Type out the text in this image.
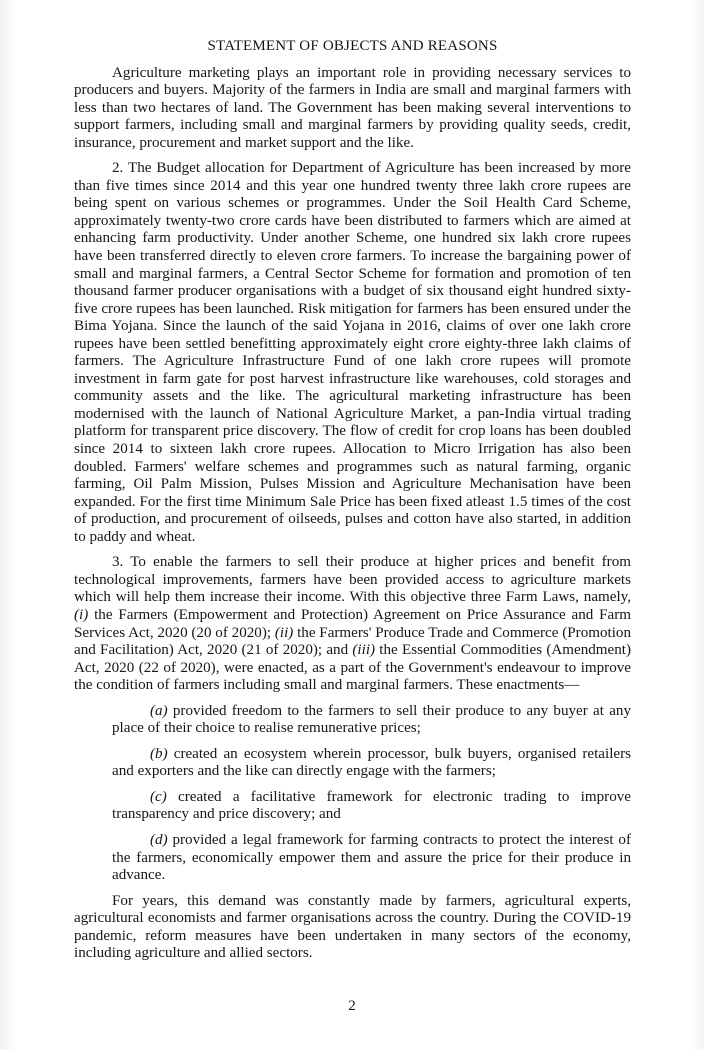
STATEMENT OF OBJECTS AND REASONS

Agriculture marketing plays an important role in providing necessary services to producers and buyers. Majority of the farmers in India are small and marginal farmers with less than two hectares of land. The Government has been making several interventions to support farmers, including small and marginal farmers by providing quality seeds, credit, insurance, procurement and market support and the like.

2. The Budget allocation for Department of Agriculture has been increased by more than five times since 2014 and this year one hundred twenty three lakh crore rupees are being spent on various schemes or programmes. Under the Soil Health Card Scheme, approximately twenty-two crore cards have been distributed to farmers which are aimed at enhancing farm productivity. Under another Scheme, one hundred six lakh crore rupees have been transferred directly to eleven crore farmers. To increase the bargaining power of small and marginal farmers, a Central Sector Scheme for formation and promotion of ten thousand farmer producer organisations with a budget of six thousand eight hundred sixty-five crore rupees has been launched. Risk mitigation for farmers has been ensured under the Bima Yojana. Since the launch of the said Yojana in 2016, claims of over one lakh crore rupees have been settled benefitting approximately eight crore eighty-three lakh claims of farmers. The Agriculture Infrastructure Fund of one lakh crore rupees will promote investment in farm gate for post harvest infrastructure like warehouses, cold storages and community assets and the like. The agricultural marketing infrastructure has been modernised with the launch of National Agriculture Market, a pan-India virtual trading platform for transparent price discovery. The flow of credit for crop loans has been doubled since 2014 to sixteen lakh crore rupees. Allocation to Micro Irrigation has also been doubled. Farmers' welfare schemes and programmes such as natural farming, organic farming, Oil Palm Mission, Pulses Mission and Agriculture Mechanisation have been expanded. For the first time Minimum Sale Price has been fixed atleast 1.5 times of the cost of production, and procurement of oilseeds, pulses and cotton have also started, in addition to paddy and wheat.

3. To enable the farmers to sell their produce at higher prices and benefit from technological improvements, farmers have been provided access to agriculture markets which will help them increase their income. With this objective three Farm Laws, namely, (i) the Farmers (Empowerment and Protection) Agreement on Price Assurance and Farm Services Act, 2020 (20 of 2020); (ii) the Farmers' Produce Trade and Commerce (Promotion and Facilitation) Act, 2020 (21 of 2020); and (iii) the Essential Commodities (Amendment) Act, 2020 (22 of 2020), were enacted, as a part of the Government's endeavour to improve the condition of farmers including small and marginal farmers. These enactments—

(a) provided freedom to the farmers to sell their produce to any buyer at any place of their choice to realise remunerative prices;

(b) created an ecosystem wherein processor, bulk buyers, organised retailers and exporters and the like can directly engage with the farmers;

(c) created a facilitative framework for electronic trading to improve transparency and price discovery; and

(d) provided a legal framework for farming contracts to protect the interest of the farmers, economically empower them and assure the price for their produce in advance.

For years, this demand was constantly made by farmers, agricultural experts, agricultural economists and farmer organisations across the country. During the COVID-19 pandemic, reform measures have been undertaken in many sectors of the economy, including agriculture and allied sectors.

2
